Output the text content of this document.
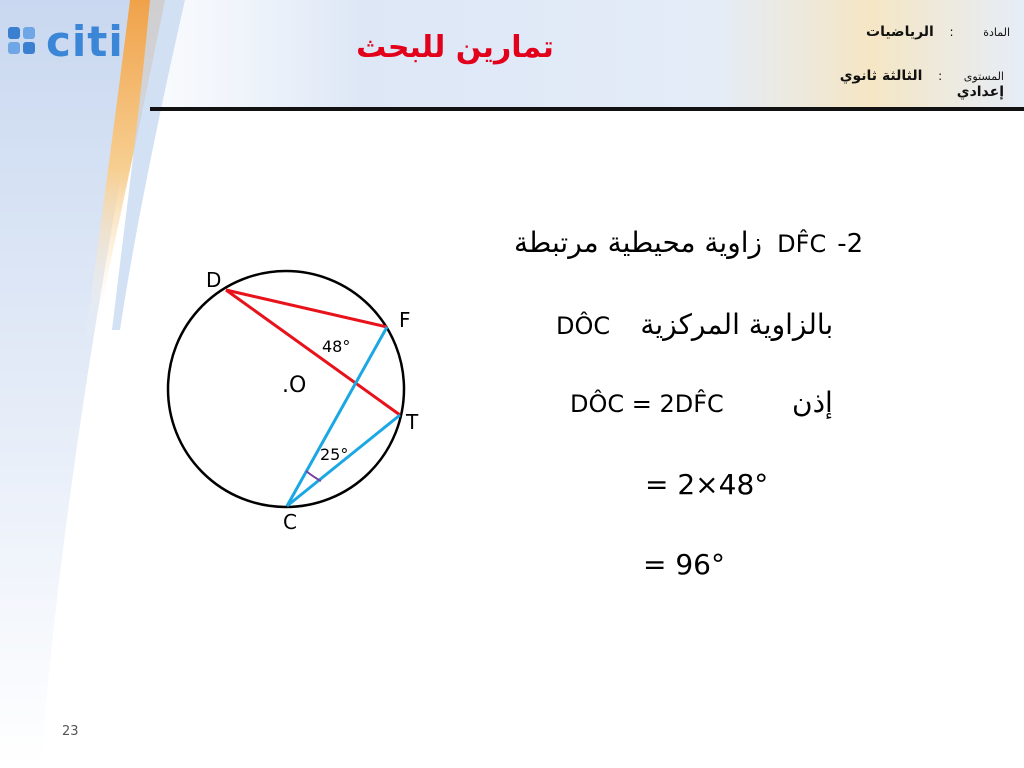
citi	تمارين للبحث	المادة  :  الرياضيات
المستوى  :  الثالثة ثانوي إعدادي
D
F
T
C
.O
48°
25°
زاوية محيطية مرتبطة DF̂C -2
DÔC بالزاوية المركزية
DÔC = 2DF̂C إذن
= 2×48°
= 96°
23
